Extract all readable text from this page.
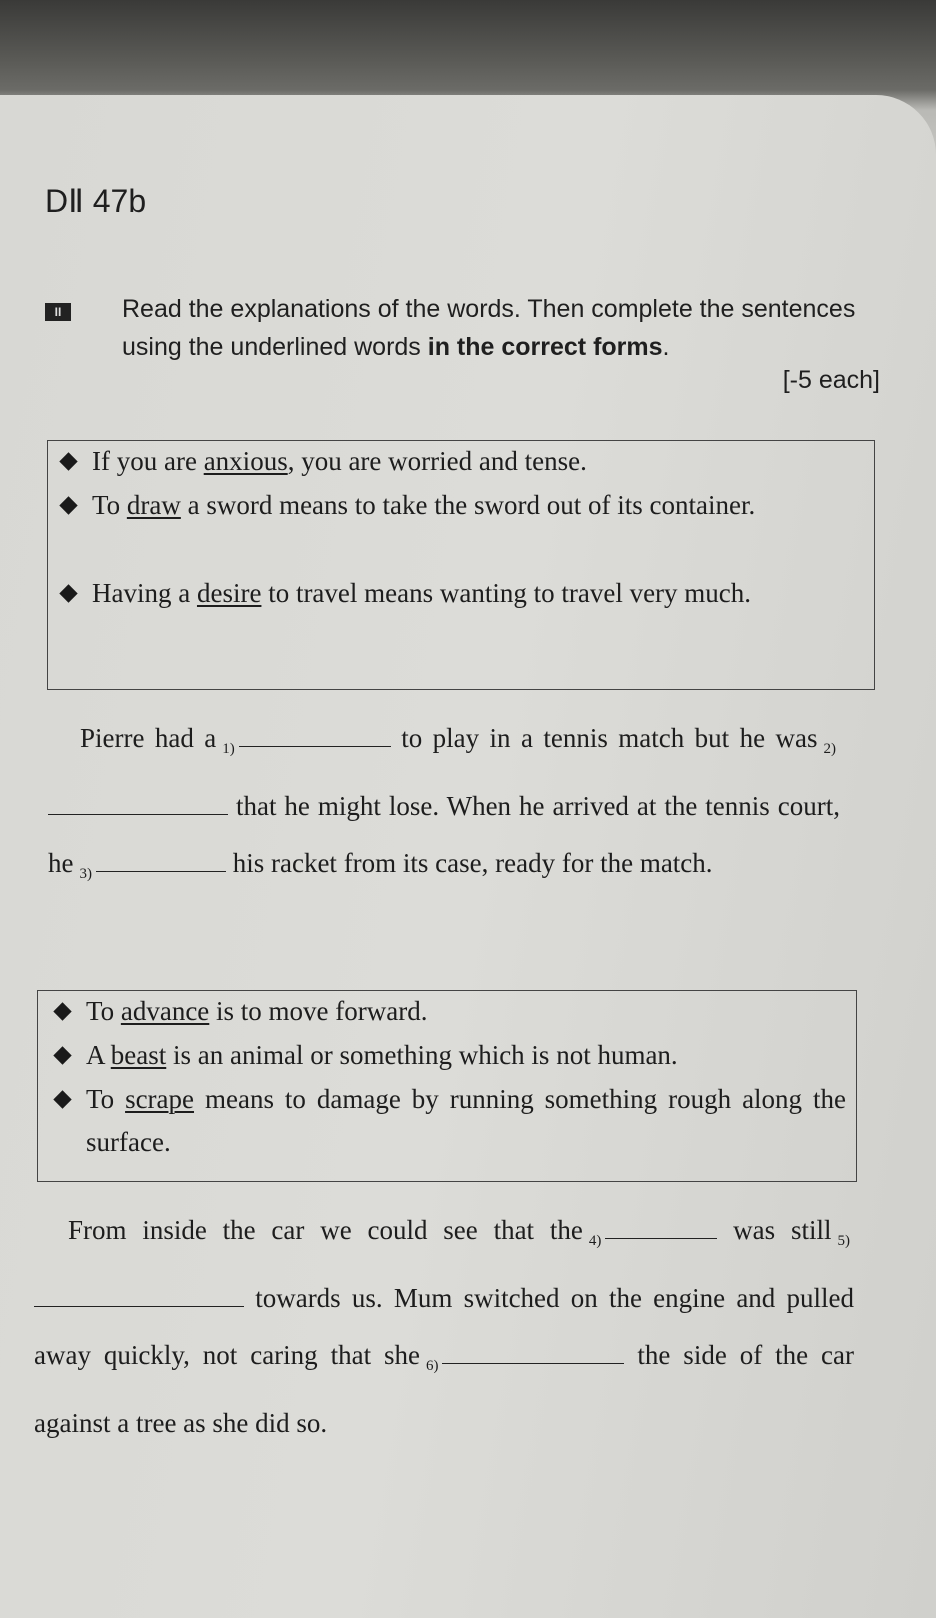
DⅡ 47b
II	Read the explanations of the words. Then complete the sentences using the underlined words in the correct forms.
[-5 each]
If you are anxious, you are worried and tense.
To draw a sword means to take the sword out of its container.
Having a desire to travel means wanting to travel very much.
Pierre had a $_{1)}$	to play in a tennis match but he was $_{2)}$ that he might lose. When he arrived at the tennis court, he $_{3)}$	his racket from its case, ready for the match.
To advance is to move forward.
A beast is an animal or something which is not human.
To scrape means to damage by running something rough along the surface.
From inside the car we could see that the $_{4)}$	was still $_{5)}$ towards us. Mum switched on the engine and pulled away quickly, not caring that she $_{6)}$	the side of the car against a tree as she did so.
